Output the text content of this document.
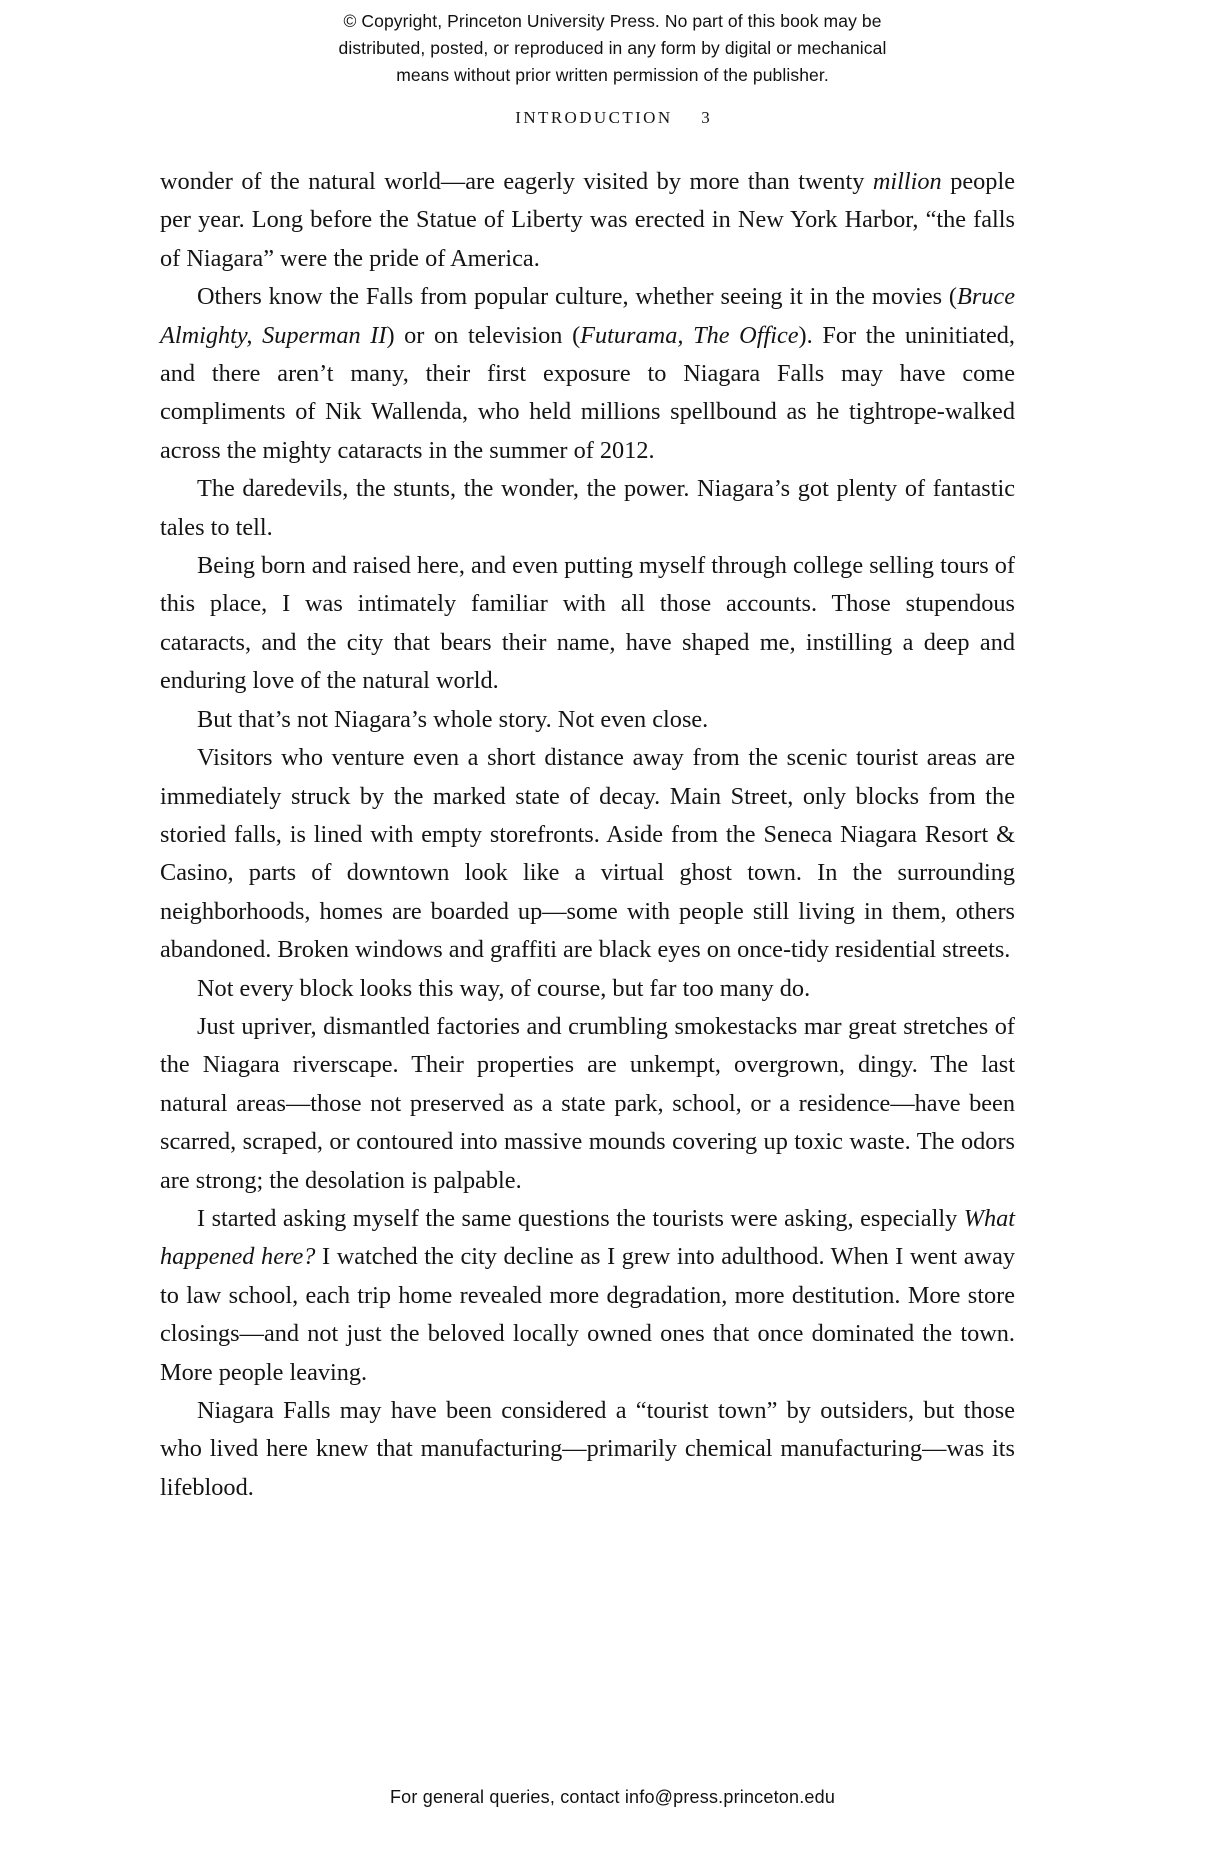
© Copyright, Princeton University Press. No part of this book may be
distributed, posted, or reproduced in any form by digital or mechanical
means without prior written permission of the publisher.
INTRODUCTION 3

wonder of the natural world—are eagerly visited by more than twenty million people per year. Long before the Statue of Liberty was erected in New York Harbor, “the falls of Niagara” were the pride of America.

Others know the Falls from popular culture, whether seeing it in the movies (Bruce Almighty, Superman II) or on television (Futurama, The Office). For the uninitiated, and there aren’t many, their first exposure to Niagara Falls may have come compliments of Nik Wallenda, who held millions spellbound as he tightrope-walked across the mighty cataracts in the summer of 2012.

The daredevils, the stunts, the wonder, the power. Niagara’s got plenty of fantastic tales to tell.

Being born and raised here, and even putting myself through college selling tours of this place, I was intimately familiar with all those accounts. Those stupendous cataracts, and the city that bears their name, have shaped me, instilling a deep and enduring love of the natural world.

But that’s not Niagara’s whole story. Not even close.

Visitors who venture even a short distance away from the scenic tourist areas are immediately struck by the marked state of decay. Main Street, only blocks from the storied falls, is lined with empty storefronts. Aside from the Seneca Niagara Resort & Casino, parts of downtown look like a virtual ghost town. In the surrounding neighborhoods, homes are boarded up—some with people still living in them, others abandoned. Broken windows and graffiti are black eyes on once-tidy residential streets.

Not every block looks this way, of course, but far too many do.

Just upriver, dismantled factories and crumbling smokestacks mar great stretches of the Niagara riverscape. Their properties are unkempt, overgrown, dingy. The last natural areas—those not preserved as a state park, school, or a residence—have been scarred, scraped, or contoured into massive mounds covering up toxic waste. The odors are strong; the desolation is palpable.

I started asking myself the same questions the tourists were asking, especially What happened here? I watched the city decline as I grew into adulthood. When I went away to law school, each trip home revealed more degradation, more destitution. More store closings—and not just the beloved locally owned ones that once dominated the town. More people leaving.

Niagara Falls may have been considered a “tourist town” by outsiders, but those who lived here knew that manufacturing—primarily chemical manufacturing—was its lifeblood.

For general queries, contact info@press.princeton.edu
